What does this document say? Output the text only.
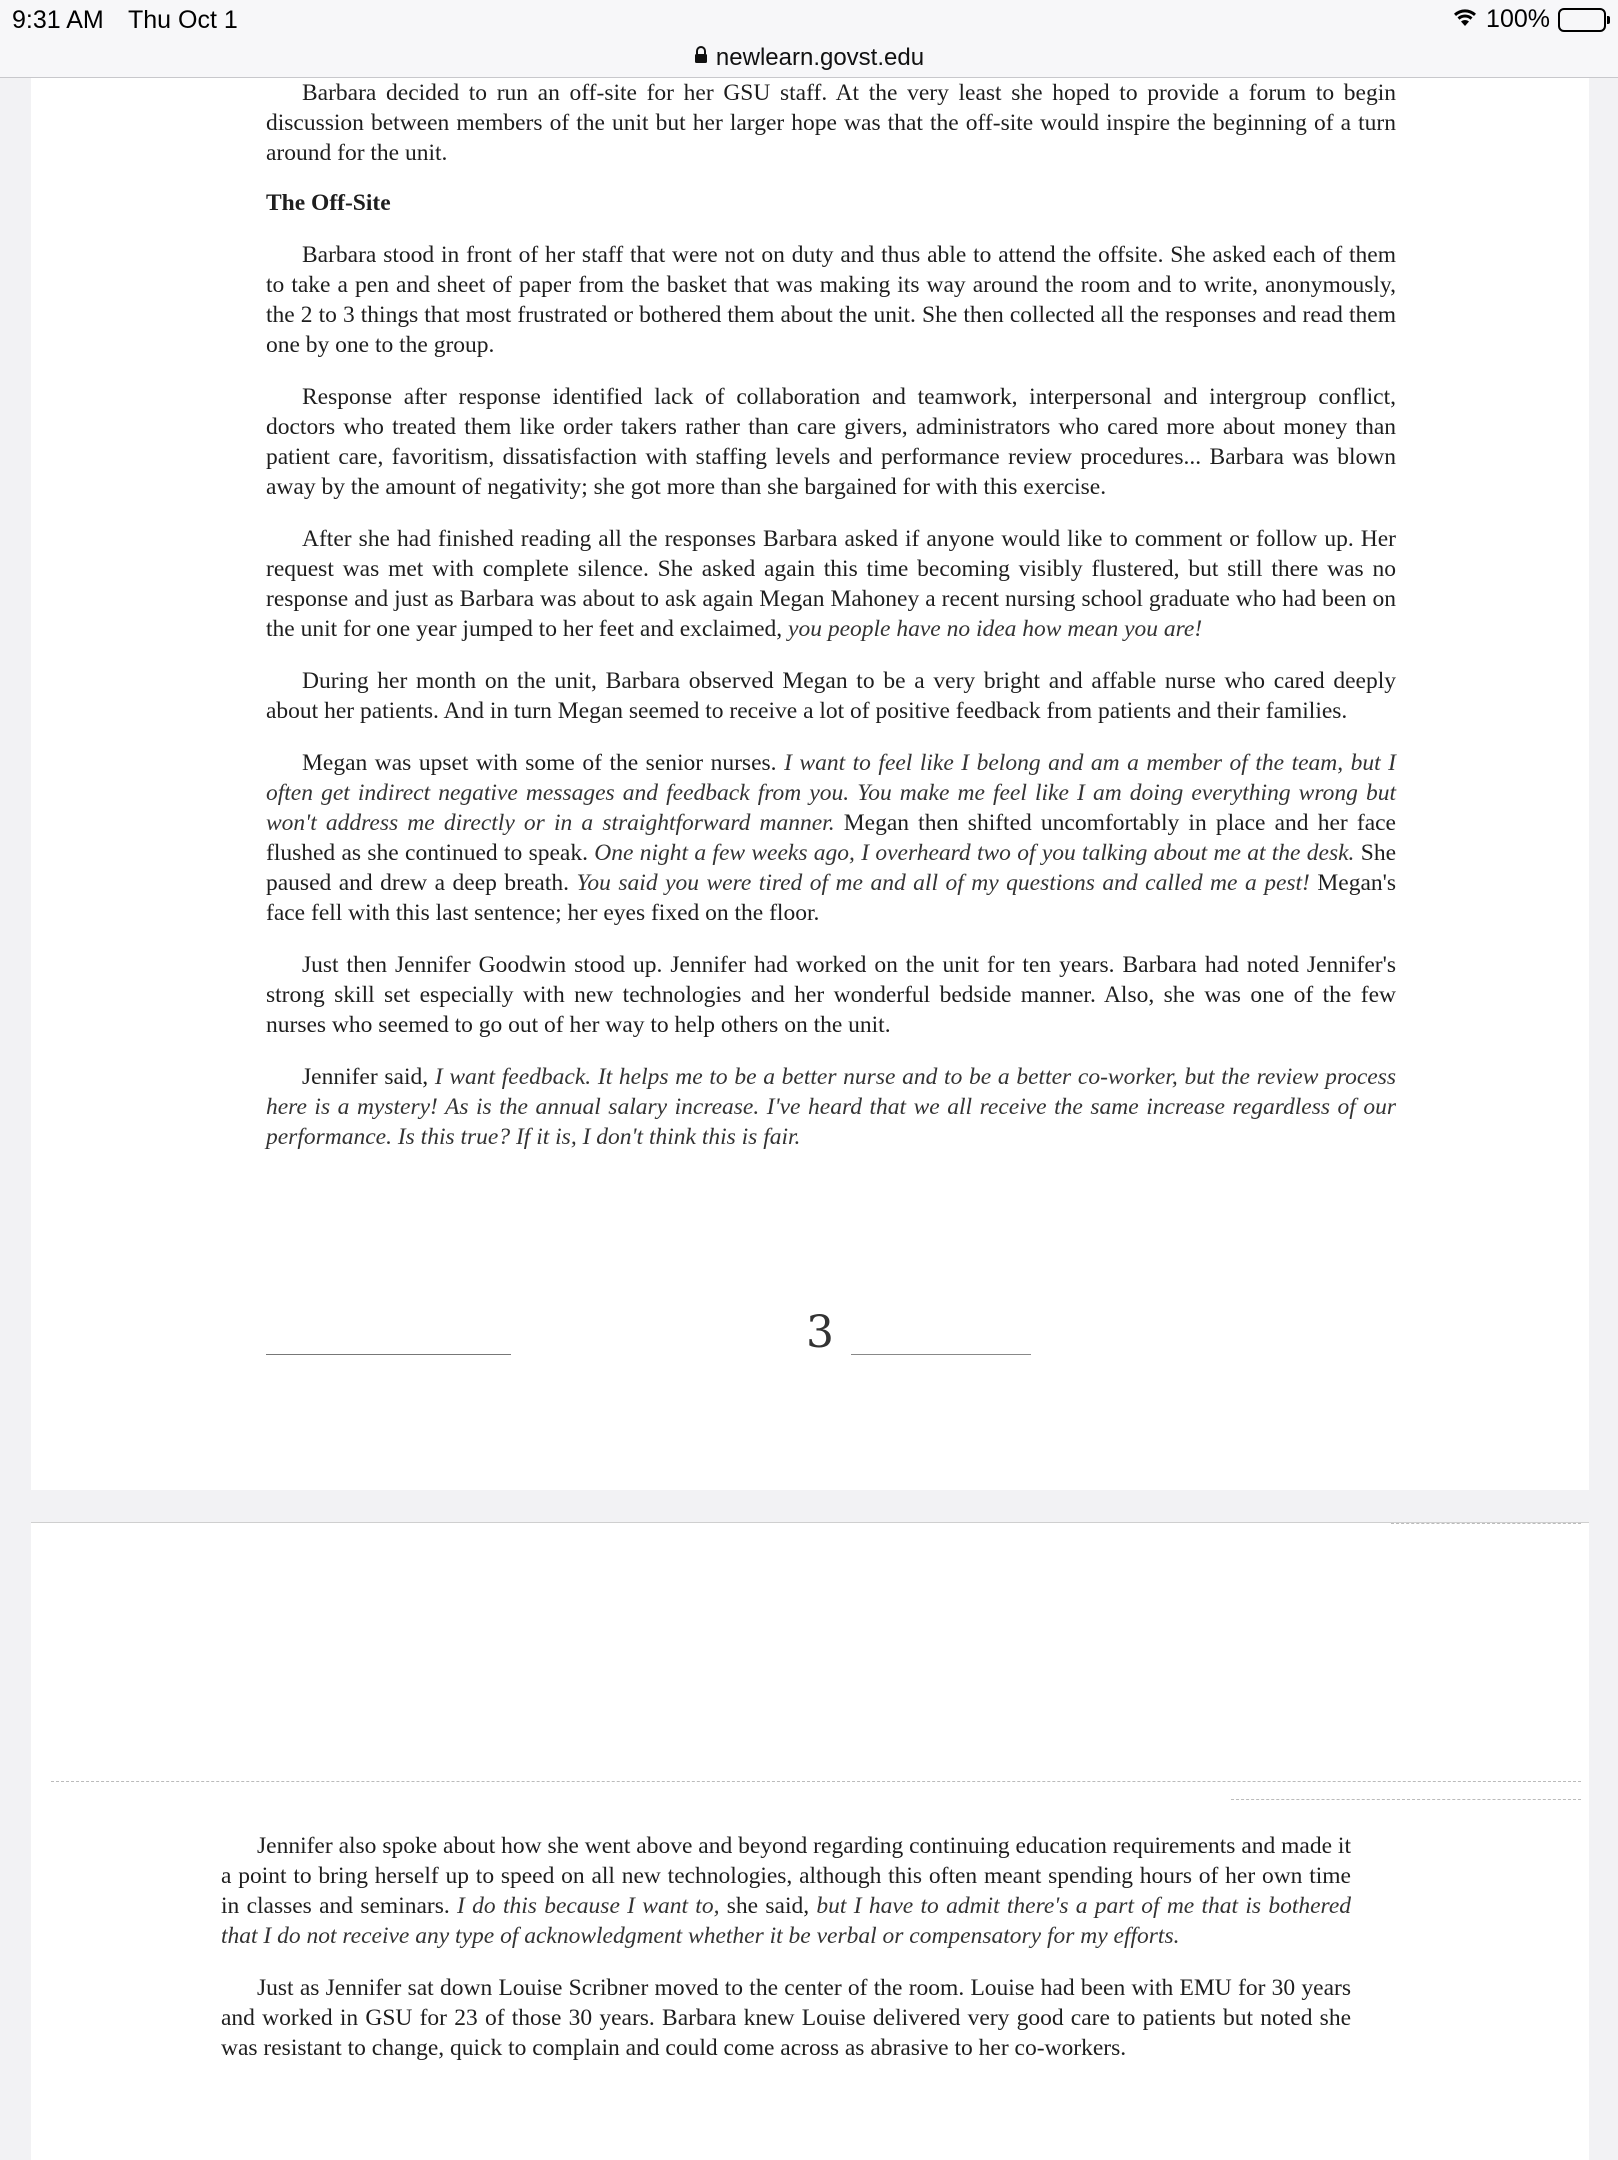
9:31 AM Thu Oct 1	100%
newlearn.govst.edu

Barbara decided to run an off-site for her GSU staff. At the very least she hoped to provide a forum to begin discussion between members of the unit but her larger hope was that the off-site would inspire the beginning of a turn around for the unit.

The Off-Site

Barbara stood in front of her staff that were not on duty and thus able to attend the offsite. She asked each of them to take a pen and sheet of paper from the basket that was making its way around the room and to write, anonymously, the 2 to 3 things that most frustrated or bothered them about the unit. She then collected all the responses and read them one by one to the group.

Response after response identified lack of collaboration and teamwork, interpersonal and intergroup conflict, doctors who treated them like order takers rather than care givers, administrators who cared more about money than patient care, favoritism, dissatisfaction with staffing levels and performance review procedures... Barbara was blown away by the amount of negativity; she got more than she bargained for with this exercise.

After she had finished reading all the responses Barbara asked if anyone would like to comment or follow up. Her request was met with complete silence. She asked again this time becoming visibly flustered, but still there was no response and just as Barbara was about to ask again Megan Mahoney a recent nursing school graduate who had been on the unit for one year jumped to her feet and exclaimed, you people have no idea how mean you are!

During her month on the unit, Barbara observed Megan to be a very bright and affable nurse who cared deeply about her patients. And in turn Megan seemed to receive a lot of positive feedback from patients and their families.

Megan was upset with some of the senior nurses. I want to feel like I belong and am a member of the team, but I often get indirect negative messages and feedback from you. You make me feel like I am doing everything wrong but won't address me directly or in a straightforward manner. Megan then shifted uncomfortably in place and her face flushed as she continued to speak. One night a few weeks ago, I overheard two of you talking about me at the desk. She paused and drew a deep breath. You said you were tired of me and all of my questions and called me a pest! Megan's face fell with this last sentence; her eyes fixed on the floor.

Just then Jennifer Goodwin stood up. Jennifer had worked on the unit for ten years. Barbara had noted Jennifer's strong skill set especially with new technologies and her wonderful bedside manner. Also, she was one of the few nurses who seemed to go out of her way to help others on the unit.

Jennifer said, I want feedback. It helps me to be a better nurse and to be a better co-worker, but the review process here is a mystery! As is the annual salary increase. I've heard that we all receive the same increase regardless of our performance. Is this true? If it is, I don't think this is fair.

3

Jennifer also spoke about how she went above and beyond regarding continuing education requirements and made it a point to bring herself up to speed on all new technologies, although this often meant spending hours of her own time in classes and seminars. I do this because I want to, she said, but I have to admit there's a part of me that is bothered that I do not receive any type of acknowledgment whether it be verbal or compensatory for my efforts.

Just as Jennifer sat down Louise Scribner moved to the center of the room. Louise had been with EMU for 30 years and worked in GSU for 23 of those 30 years. Barbara knew Louise delivered very good care to patients but noted she was resistant to change, quick to complain and could come across as abrasive to her co-workers.
